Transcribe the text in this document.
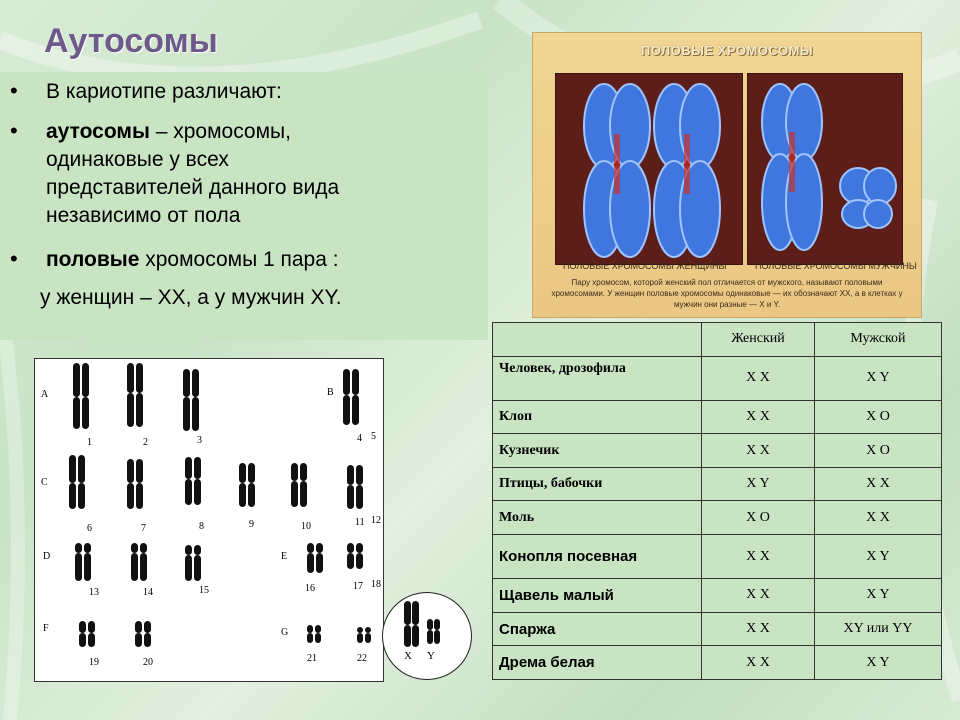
Аутосомы
• В кариотипе различают:
• аутосомы – хромосомы,
одинаковые у всех
представителей данного вида
независимо от пола
• половые хромосомы 1 пара :
у женщин – XX, а у мужчин XY.
1	2	3	4 5
6	7	8	9	10	11 12
13	14	15	16	17 18
19	20	21	22
A	B
C
D	E
F	G
X Y
ПОЛОВЫЕ ХРОМОСОМЫ
ПОЛОВЫЕ ХРОМОСОМЫ ЖЕНЩИНЫ	ПОЛОВЫЕ ХРОМОСОМЫ МУЖЧИНЫ
Пару хромосом, которой женский пол отличается от мужского, называют половыми хромосомами. У женщин половые хромосомы одинаковые — их обозначают XX, а в клетках у мужчин они разные — X и Y.
	Женский	Мужской
Человек, дрозофила	X X	X Y
Клоп	X X	X O
Кузнечик	X X	X O
Птицы, бабочки	X Y	X X
Моль	X O	X X
Конопля посевная	X X	X Y
Щавель малый	X X	X Y
Спаржа	X X	XY или YY
Дрема белая	X X	X Y
